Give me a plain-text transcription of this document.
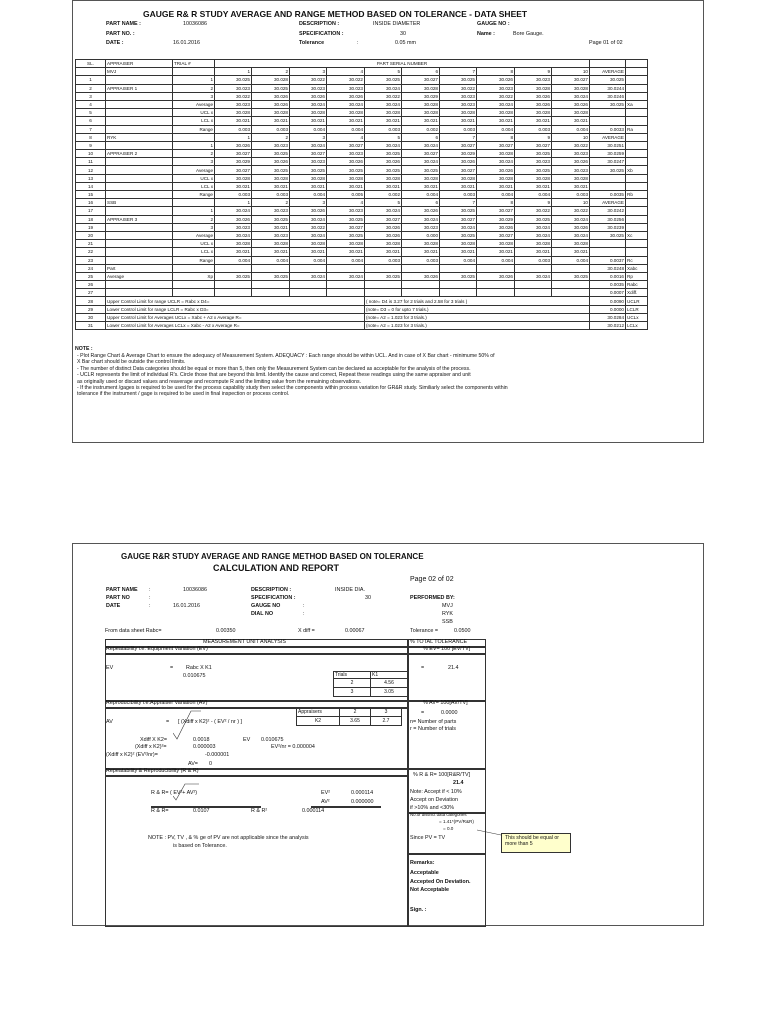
GAUGE R& R STUDY AVERAGE AND RANGE METHOD BASED ON TOLERANCE - DATA SHEET
PART NAME :	10036086
PART NO. :
DATE :	16.01.2016
DESCRIPTION :	INSIDE DIAMETER
SPECIFICATION :	30
Tolerance	:	0.05 mm
GAUGE NO :
Name :	Bore Gauge.
Page 01 of 02
SL.	APPRAISER	TRIAL #	PART SERIAL NUMBER											
	MVJ		1	2	3	4	5	6	7	8	9	10	AVERAGE	
1		1	30.025	30.028	30.022	30.022	30.025	30.027	30.025	30.026	30.023	30.027	30.025	
2	APPRAISER 1	2	30.023	30.025	30.023	30.023	30.024	30.028	30.022	30.023	30.028	30.028	30.0244	
3		3	30.022	30.026	30.026	30.026	30.022	30.029	30.023	30.022	30.026	30.024	30.0246	
4		Average	30.023	30.026	30.024	30.024	30.024	30.028	30.023	30.024	30.026	30.026	30.025	Xa
5		UCL x	30.028	30.028	30.028	30.028	30.028	30.028	30.028	30.028	30.028	30.028		
6		LCL x	30.021	30.021	30.021	30.021	30.021	30.021	30.021	30.021	30.021	30.021		
7		Range	0.003	0.003	0.004	0.004	0.003	0.002	0.003	0.004	0.003	0.004	0.0033	Ra
8	RYK		1	2	3	4	5	6	7	8	9	10	AVERAGE	
9		1	30.026	30.023	30.024	30.027	30.024	30.024	30.027	30.027	30.027	30.022	30.0251	
10	APPRAISER 2	2	30.027	30.025	30.027	30.023	30.025	30.027	30.029	30.028	30.025	30.023	30.0259	
11		3	30.029	30.026	30.023	30.026	30.026	30.024	30.026	30.024	30.023	30.026	30.0247	
12		Average	30.027	30.025	30.025	30.025	30.025	30.025	30.027	30.026	30.025	30.023	30.025	Xb
13		UCL x	30.028	30.028	30.028	30.028	30.028	30.028	30.028	30.028	30.028	30.028		
14		LCL x	30.021	30.021	30.021	30.021	30.021	30.021	30.021	30.021	30.021	30.021		
15		Range	0.003	0.003	0.004	0.005	0.002	0.004	0.003	0.004	0.004	0.003	0.0035	Rb
16	SSB		1	2	3	4	5	6	7	8	9	10	AVERAGE	
17		1	30.024	30.023	30.026	30.023	30.024	30.026	30.025	30.027	30.022	30.022	30.0242	
18	APPRAISER 3	2	30.026	30.025	30.024	30.025	30.027	30.024	30.027	30.029	30.025	30.024	30.0256	
19		3	30.023	30.021	30.022	30.027	30.026	30.023	30.024	30.026	30.024	30.026	30.0239	
20		Average	30.024	30.023	30.024	30.025	30.026	0.000	30.025	30.027	30.024	30.024	30.025	Xc
21		UCL x	30.028	30.028	30.028	30.028	30.028	30.028	30.028	30.028	30.028	30.028		
22		LCL x	30.021	30.021	30.021	30.021	30.021	30.021	30.021	30.021	30.021	30.021		
23		Range	0.004	0.004	0.004	0.004	0.003	0.003	0.004	0.004	0.003	0.004	0.0037	Rc
24	Part												30.0248	Xabc
25	Average	Xp	30.025	30.025	30.024	30.024	30.025	30.026	30.025	30.026	30.024	30.025	0.0016	Rp
26													0.0035	Rabc
27													0.0007	Xdiff.
28	Upper Control Limit for range UCLR = Rabc x D4=						( note= D4 is 3.27 for 2 trials and 2.58 for 3 trials )						0.0090	UCLR
29	Lower Control Limit for range LCLR = Rabc x D3=						(note= D3 = 0 for upto 7 trials.)						0.0000	LCLR
30	Upper Control Limit for Averages UCLx = Xabc + A2 x Average R=						(note= A2 = 1.023 for 3 trials.)						30.0284	UCLx
31	Lower Control Limit for Averages LCLx = Xabc - A2 x Average R=						(note= A2 = 1.023 for 3 trials.)						30.0212	LCLx
NOTE :
- Plot Range Chart & Average Chart to ensure the adequacy of Measurement System. ADEQUACY : Each range should be within UCL. And in case of X Bar chart - minimume 50% of
X Bar chart should be outside the control limits.
- The number of distinct Data categories should be equal or more than 5, then only the Measurement System can be declared as acceptable for the analysis of the process.
- UCLR represents the limit of individual R's. Circle those that are beyond this limit. Identify the cause and correct, Repeat these readings using the same appraiser and unit
as originally used or discard values and reaverage and recompute R and the limiting value from the remaining observations.
- If the instrument /gages is required to be used for the process capability study then select the components within process variation for GR&R study. Similiarly select the components within
tolerance if the instrument / gage is required to be used in final inspection or process control.
GAUGE R&R STUDY AVERAGE AND RANGE METHOD BASED ON TOLERANCE
CALCULATION AND REPORT
Page 02 of 02
PART NAME :	10036086
PART NO	:
DATE	:	16.01.2016
DESCRIPTION :	INSIDE DIA.
SPECIFICATION :	30
GAUGE NO	:
DIAL NO	:
PERFORMED BY:
MVJ
RYK
SSB
From data sheet Rabc=	0.00350	X diff =	0.00067	Tolerance =	0.0500
MEASUREMENT UNIT ANALYSIS	% TOTAL TOLERANCE
Repeatability i.e. Equipment Variation (EV)	% EV= 100 [EV/TV]
EV	= Rabc X K1
0.010675
=	21.4
Trials	K1
2	4.56
3	3.05
Reproducibility i.e.Appraiser Variation (AV)	% AV= 100[AV/TV]
Appraisers	2	3
K2	3.65	2.7
AV	= [ (Xdiff x K2)² - ( EV² / nr ) ]
=	0.0000
n= Number of parts
r = Number of trials
Xdiff X K2=	0.0018	EV 0.010675
(Xdiff x K2)²=	0.000003	EV²/nr = 0.000004
(Xdiff x K2)² (EV²/nr)=	-0.000001
AV= 0
Repeatability & Reproducibility (R & R)
% R & R= 100[R&R/TV]
21.4
R & R= ( EV²+ AV²)	EV²	0.000114
AV²	0.000000
R & R=	0.0107	R & R²	0.000114
Note: Accept if < 10%
Accept on Deviation
if >10% and <30%
No.of distinct data categories
= 1.41*(PV/R&R)
= 0.0
Since PV = TV	This should be equal or more than 5
NOTE : PV, TV , & % ge of PV are not applicable since the analysis
is based on Tolerance.
Remarks:
Acceptable
Accepted On Deviation.
Not Acceptable
Sign. :
